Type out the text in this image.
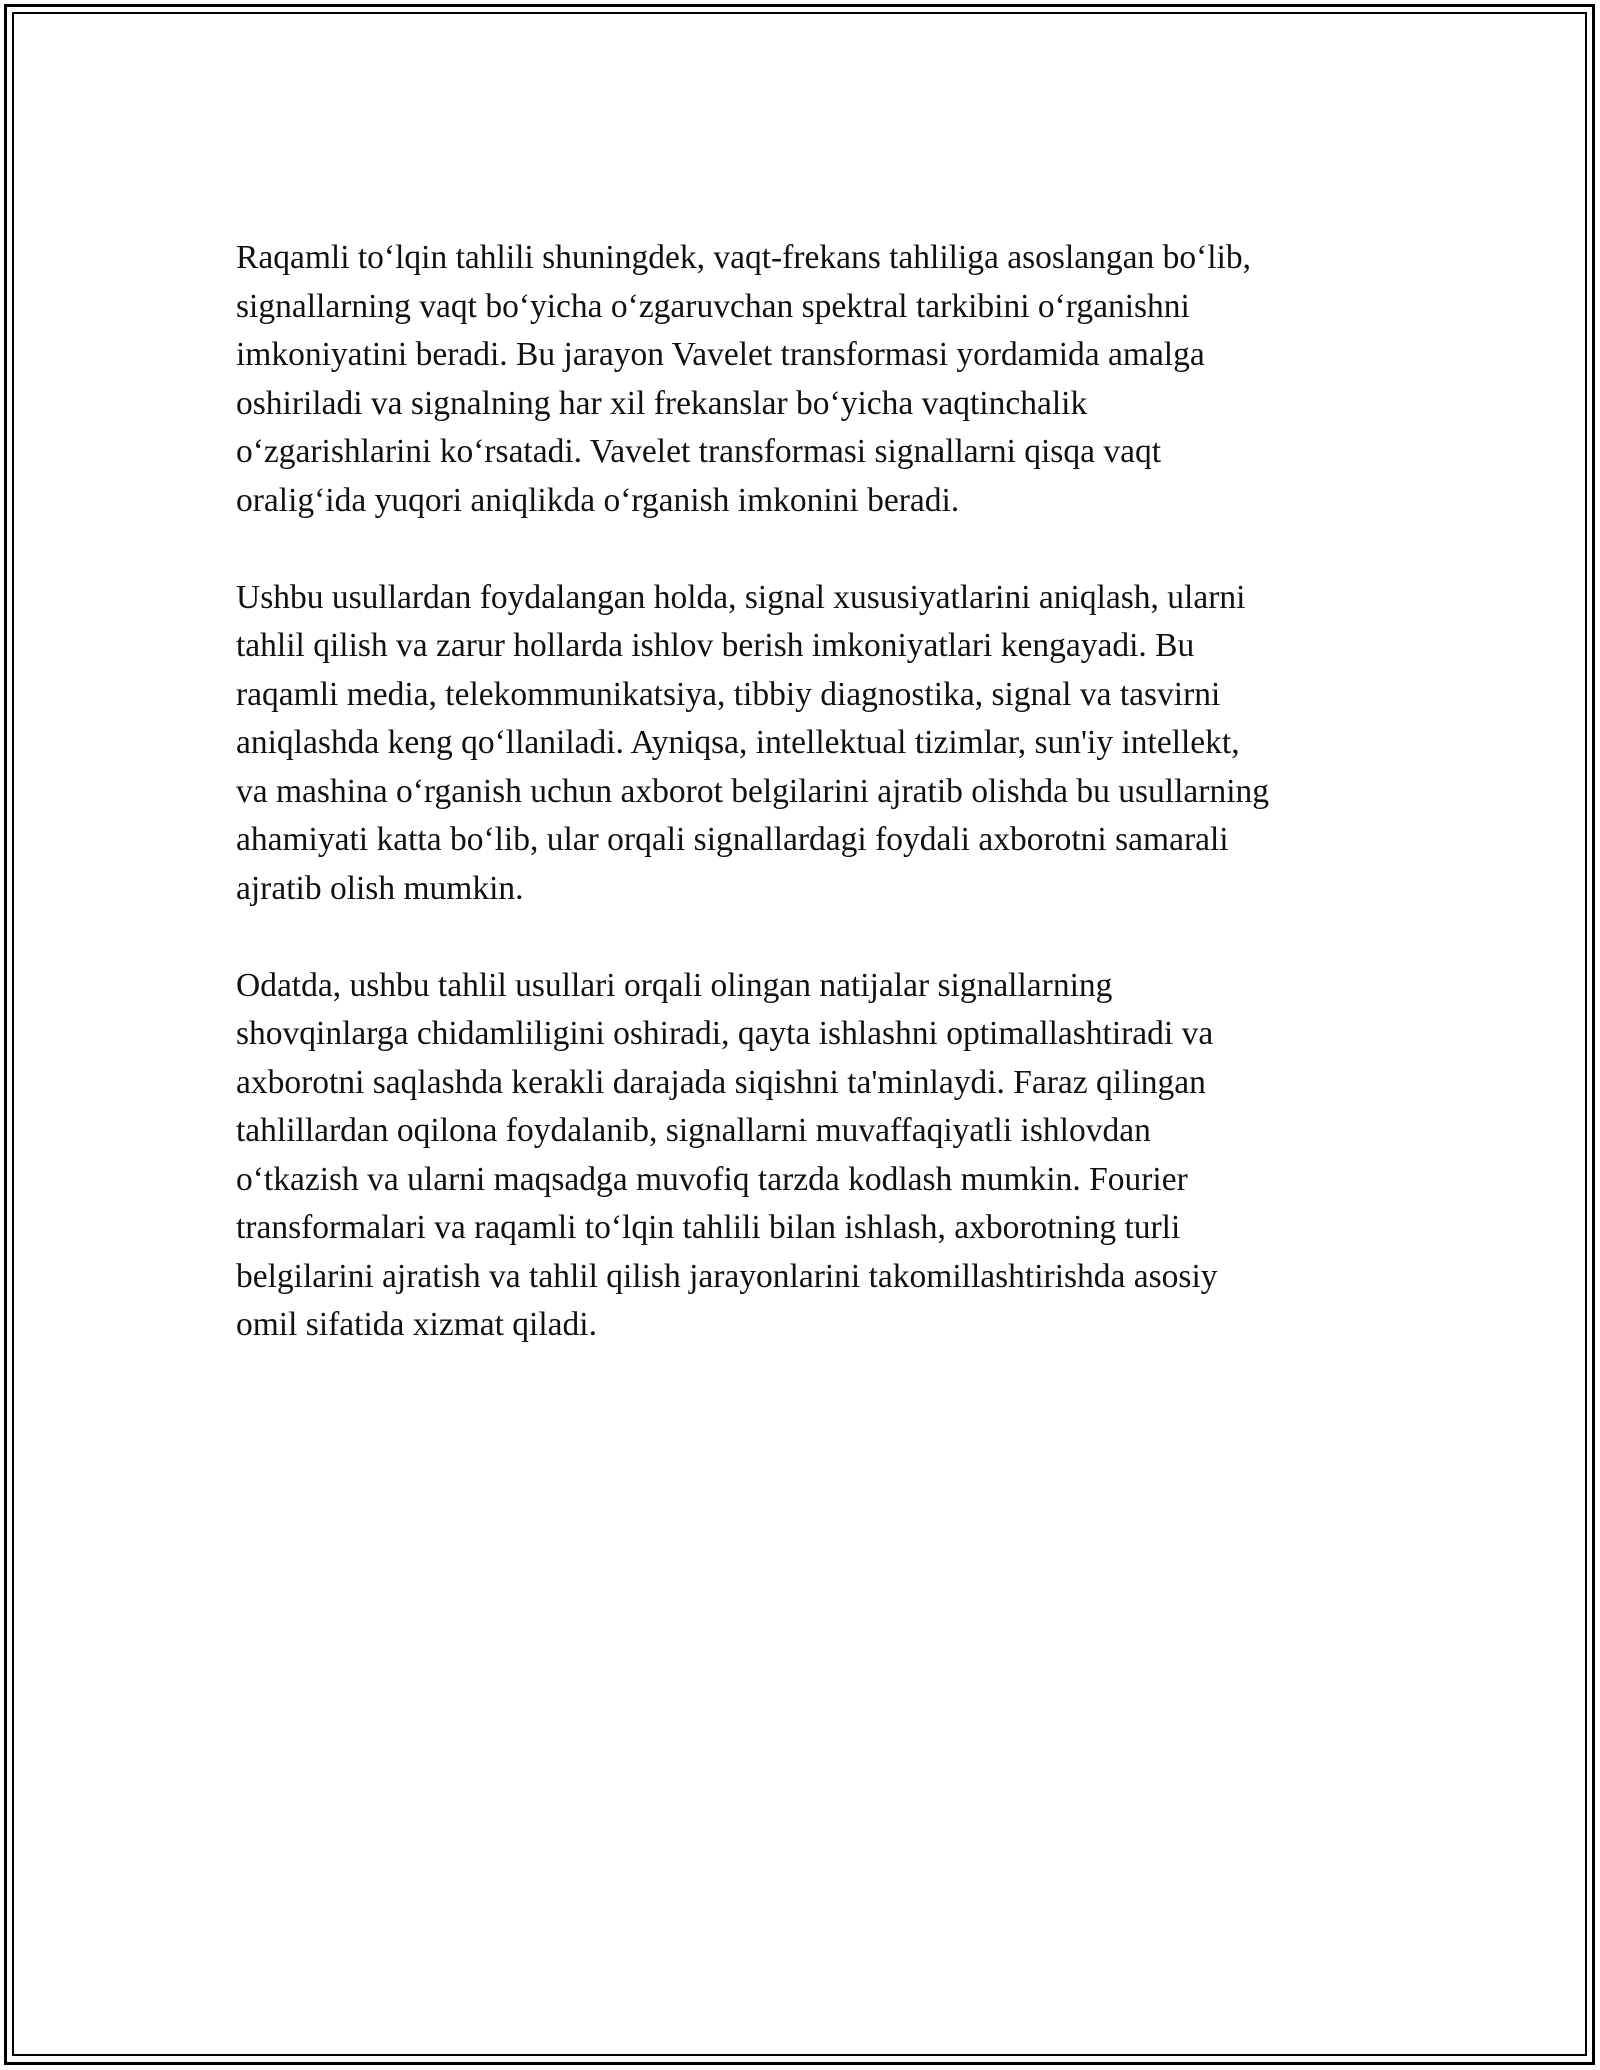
Raqamli to‘lqin tahlili shuningdek, vaqt-frekans tahliliga asoslangan bo‘lib,
signallarning vaqt bo‘yicha o‘zgaruvchan spektral tarkibini o‘rganishni
imkoniyatini beradi. Bu jarayon Vavelet transformasi yordamida amalga
oshiriladi va signalning har xil frekanslar bo‘yicha vaqtinchalik
o‘zgarishlarini ko‘rsatadi. Vavelet transformasi signallarni qisqa vaqt
oralig‘ida yuqori aniqlikda o‘rganish imkonini beradi.

Ushbu usullardan foydalangan holda, signal xususiyatlarini aniqlash, ularni
tahlil qilish va zarur hollarda ishlov berish imkoniyatlari kengayadi. Bu
raqamli media, telekommunikatsiya, tibbiy diagnostika, signal va tasvirni
aniqlashda keng qo‘llaniladi. Ayniqsa, intellektual tizimlar, sun'iy intellekt,
va mashina o‘rganish uchun axborot belgilarini ajratib olishda bu usullarning
ahamiyati katta bo‘lib, ular orqali signallardagi foydali axborotni samarali
ajratib olish mumkin.

Odatda, ushbu tahlil usullari orqali olingan natijalar signallarning
shovqinlarga chidamliligini oshiradi, qayta ishlashni optimallashtiradi va
axborotni saqlashda kerakli darajada siqishni ta'minlaydi. Faraz qilingan
tahlillardan oqilona foydalanib, signallarni muvaffaqiyatli ishlovdan
o‘tkazish va ularni maqsadga muvofiq tarzda kodlash mumkin. Fourier
transformalari va raqamli to‘lqin tahlili bilan ishlash, axborotning turli
belgilarini ajratish va tahlil qilish jarayonlarini takomillashtirishda asosiy
omil sifatida xizmat qiladi.
